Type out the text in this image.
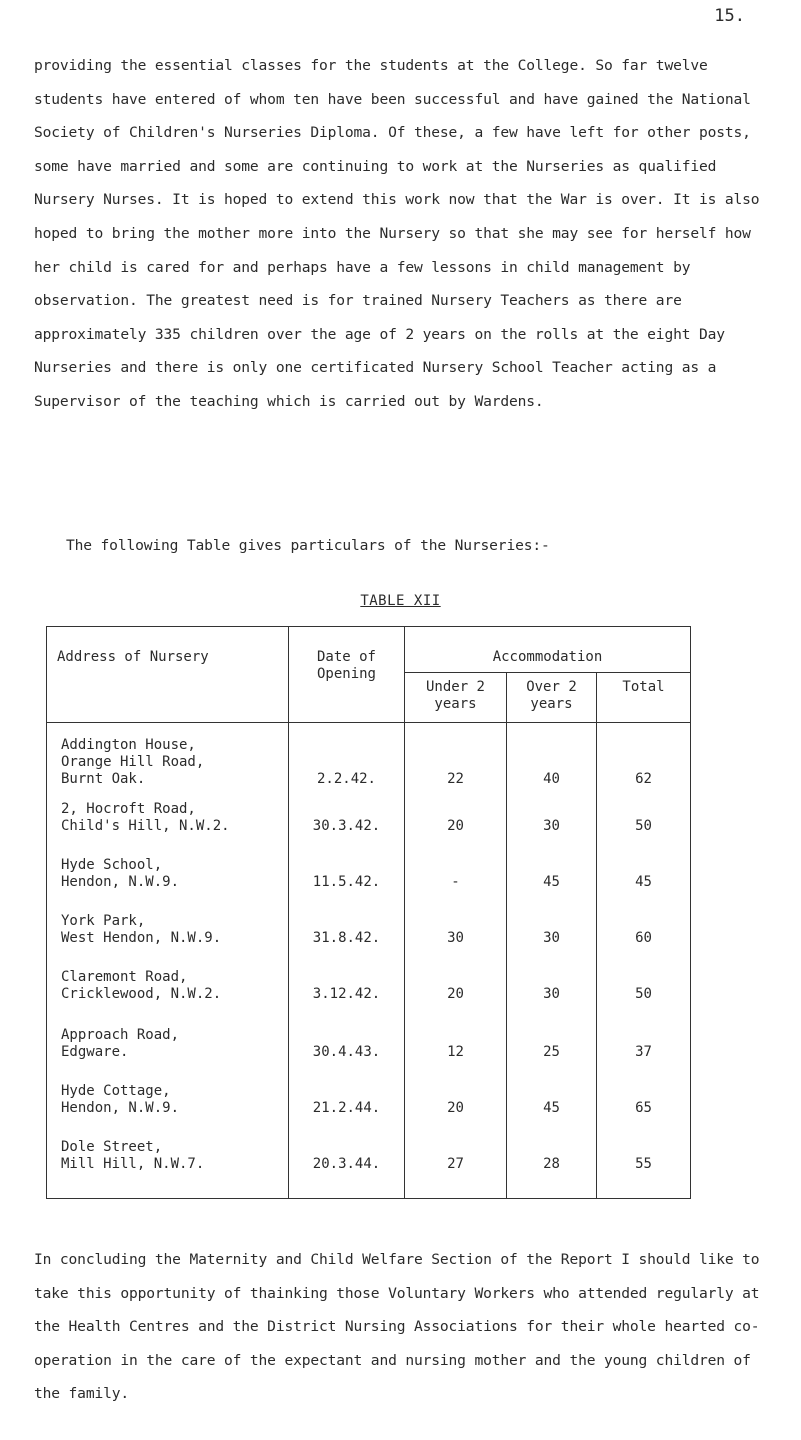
15.

providing the essential classes for the students at the College. So far twelve students have entered of whom ten have been successful and have gained the National Society of Children's Nurseries Diploma. Of these, a few have left for other posts, some have married and some are continuing to work at the Nurseries as qualified Nursery Nurses. It is hoped to extend this work now that the War is over. It is also hoped to bring the mother more into the Nursery so that she may see for herself how her child is cared for and perhaps have a few lessons in child management by observation. The greatest need is for trained Nursery Teachers as there are approximately 335 children over the age of 2 years on the rolls at the eight Day Nurseries and there is only one certificated Nursery School Teacher acting as a Supervisor of the teaching which is carried out by Wardens.

The following Table gives particulars of the Nurseries:-

TABLE XII
Address of Nursery	Date of Opening	Accommodation		
		Under 2 years	Over 2 years	Total

Addington House,
Orange Hill Road,
Burnt Oak.	2.2.42.	22	40	62

2, Hocroft Road,
Child's Hill, N.W.2.	30.3.42.	20	30	50

Hyde School,
Hendon, N.W.9.	11.5.42.	-	45	45

York Park,
West Hendon, N.W.9.	31.8.42.	30	30	60

Claremont Road,
Cricklewood, N.W.2.	3.12.42.	20	30	50

Approach Road,
Edgware.	30.4.43.	12	25	37

Hyde Cottage,
Hendon, N.W.9.	21.2.44.	20	45	65

Dole Street,
Mill Hill, N.W.7.	20.3.44.	27	28	55

In concluding the Maternity and Child Welfare Section of the Report I should like to take this opportunity of thainking those Voluntary Workers who attended regularly at the Health Centres and the District Nursing Associations for their whole hearted co-operation in the care of the expectant and nursing mother and the young children of the family.
